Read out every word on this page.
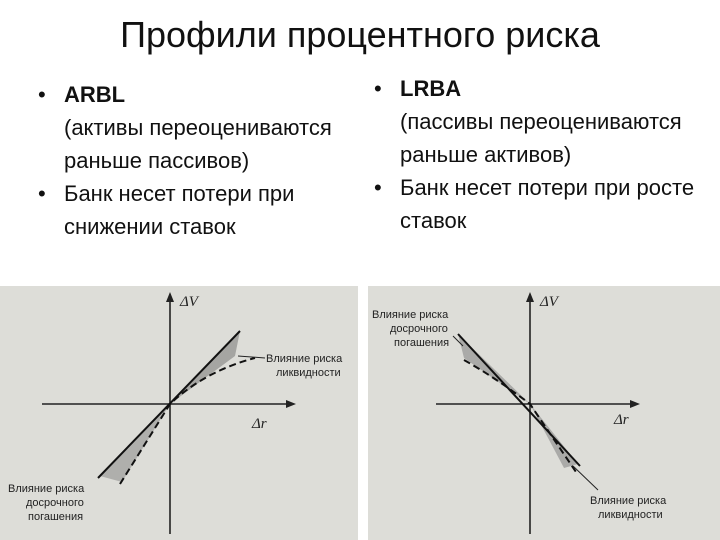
Профили процентного риска
• ARBL
(активы переоцениваются раньше пассивов)
• Банк несет потери при снижении ставок
• LRBA
(пассивы переоцениваются раньше активов)
• Банк несет потери при росте ставок
ΔV
Δr
Влияние риска
ликвидности
Влияние риска
досрочного
погашения
ΔV
Δr
Влияние риска
досрочного
погашения
Влияние риска
ликвидности
